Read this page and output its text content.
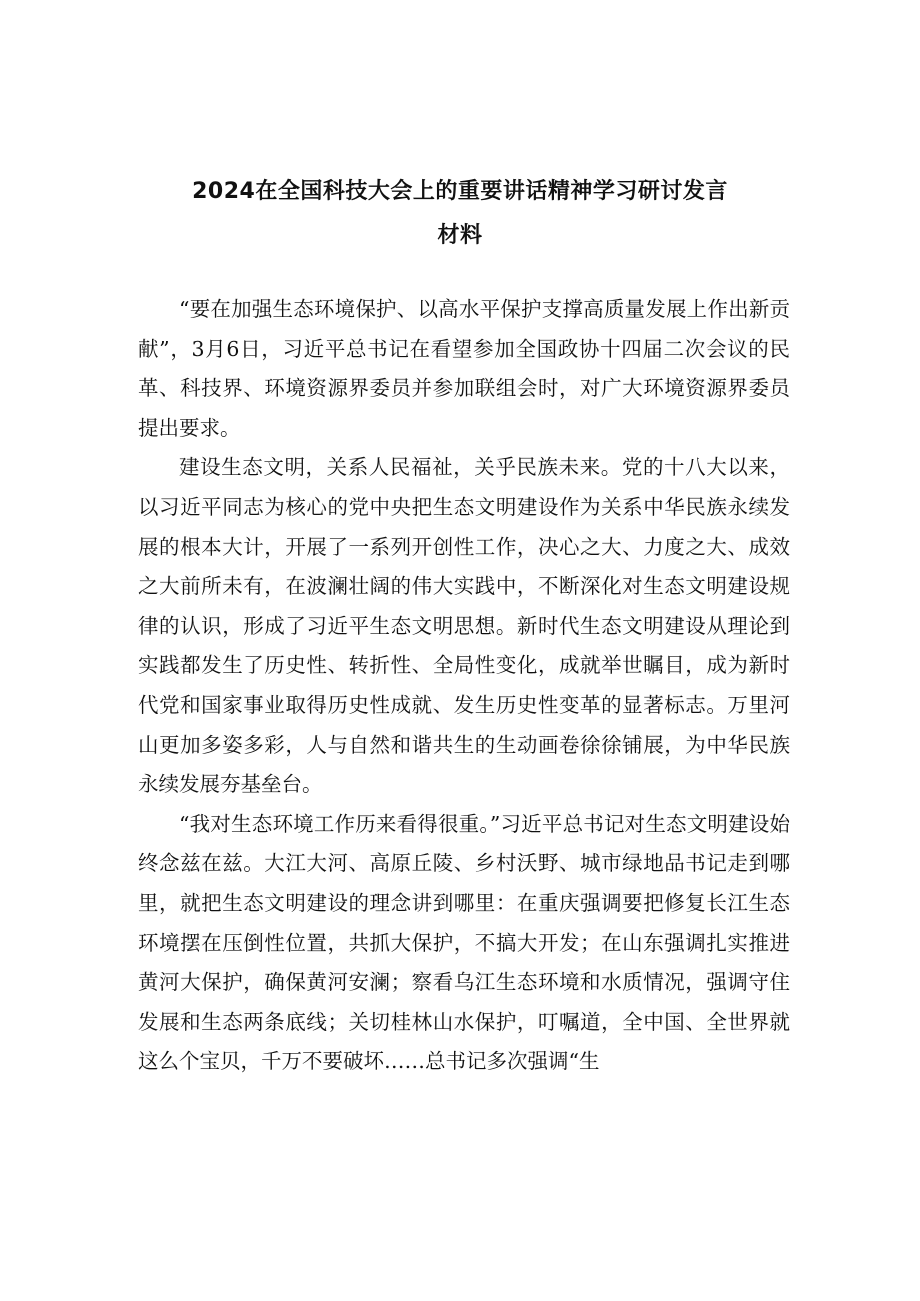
2024在全国科技大会上的重要讲话精神学习研讨发言
材料

“要在加强生态环境保护、以高水平保护支撑高质量发展上作出新贡献”，3月6日，习近平总书记在看望参加全国政协十四届二次会议的民革、科技界、环境资源界委员并参加联组会时，对广大环境资源界委员提出要求。

建设生态文明，关系人民福祉，关乎民族未来。党的十八大以来，以习近平同志为核心的党中央把生态文明建设作为关系中华民族永续发展的根本大计，开展了一系列开创性工作，决心之大、力度之大、成效之大前所未有，在波澜壮阔的伟大实践中，不断深化对生态文明建设规律的认识，形成了习近平生态文明思想。新时代生态文明建设从理论到实践都发生了历史性、转折性、全局性变化，成就举世瞩目，成为新时代党和国家事业取得历史性成就、发生历史性变革的显著标志。万里河山更加多姿多彩，人与自然和谐共生的生动画卷徐徐铺展，为中华民族永续发展夯基垒台。

“我对生态环境工作历来看得很重。”习近平总书记对生态文明建设始终念兹在兹。大江大河、高原丘陵、乡村沃野、城市绿地品书记走到哪里，就把生态文明建设的理念讲到哪里：在重庆强调要把修复长江生态环境摆在压倒性位置，共抓大保护，不搞大开发；在山东强调扎实推进黄河大保护，确保黄河安澜；察看乌江生态环境和水质情况，强调守住发展和生态两条底线；关切桂林山水保护，叮嘱道，全中国、全世界就这么个宝贝，千万不要破坏……总书记多次强调“生
